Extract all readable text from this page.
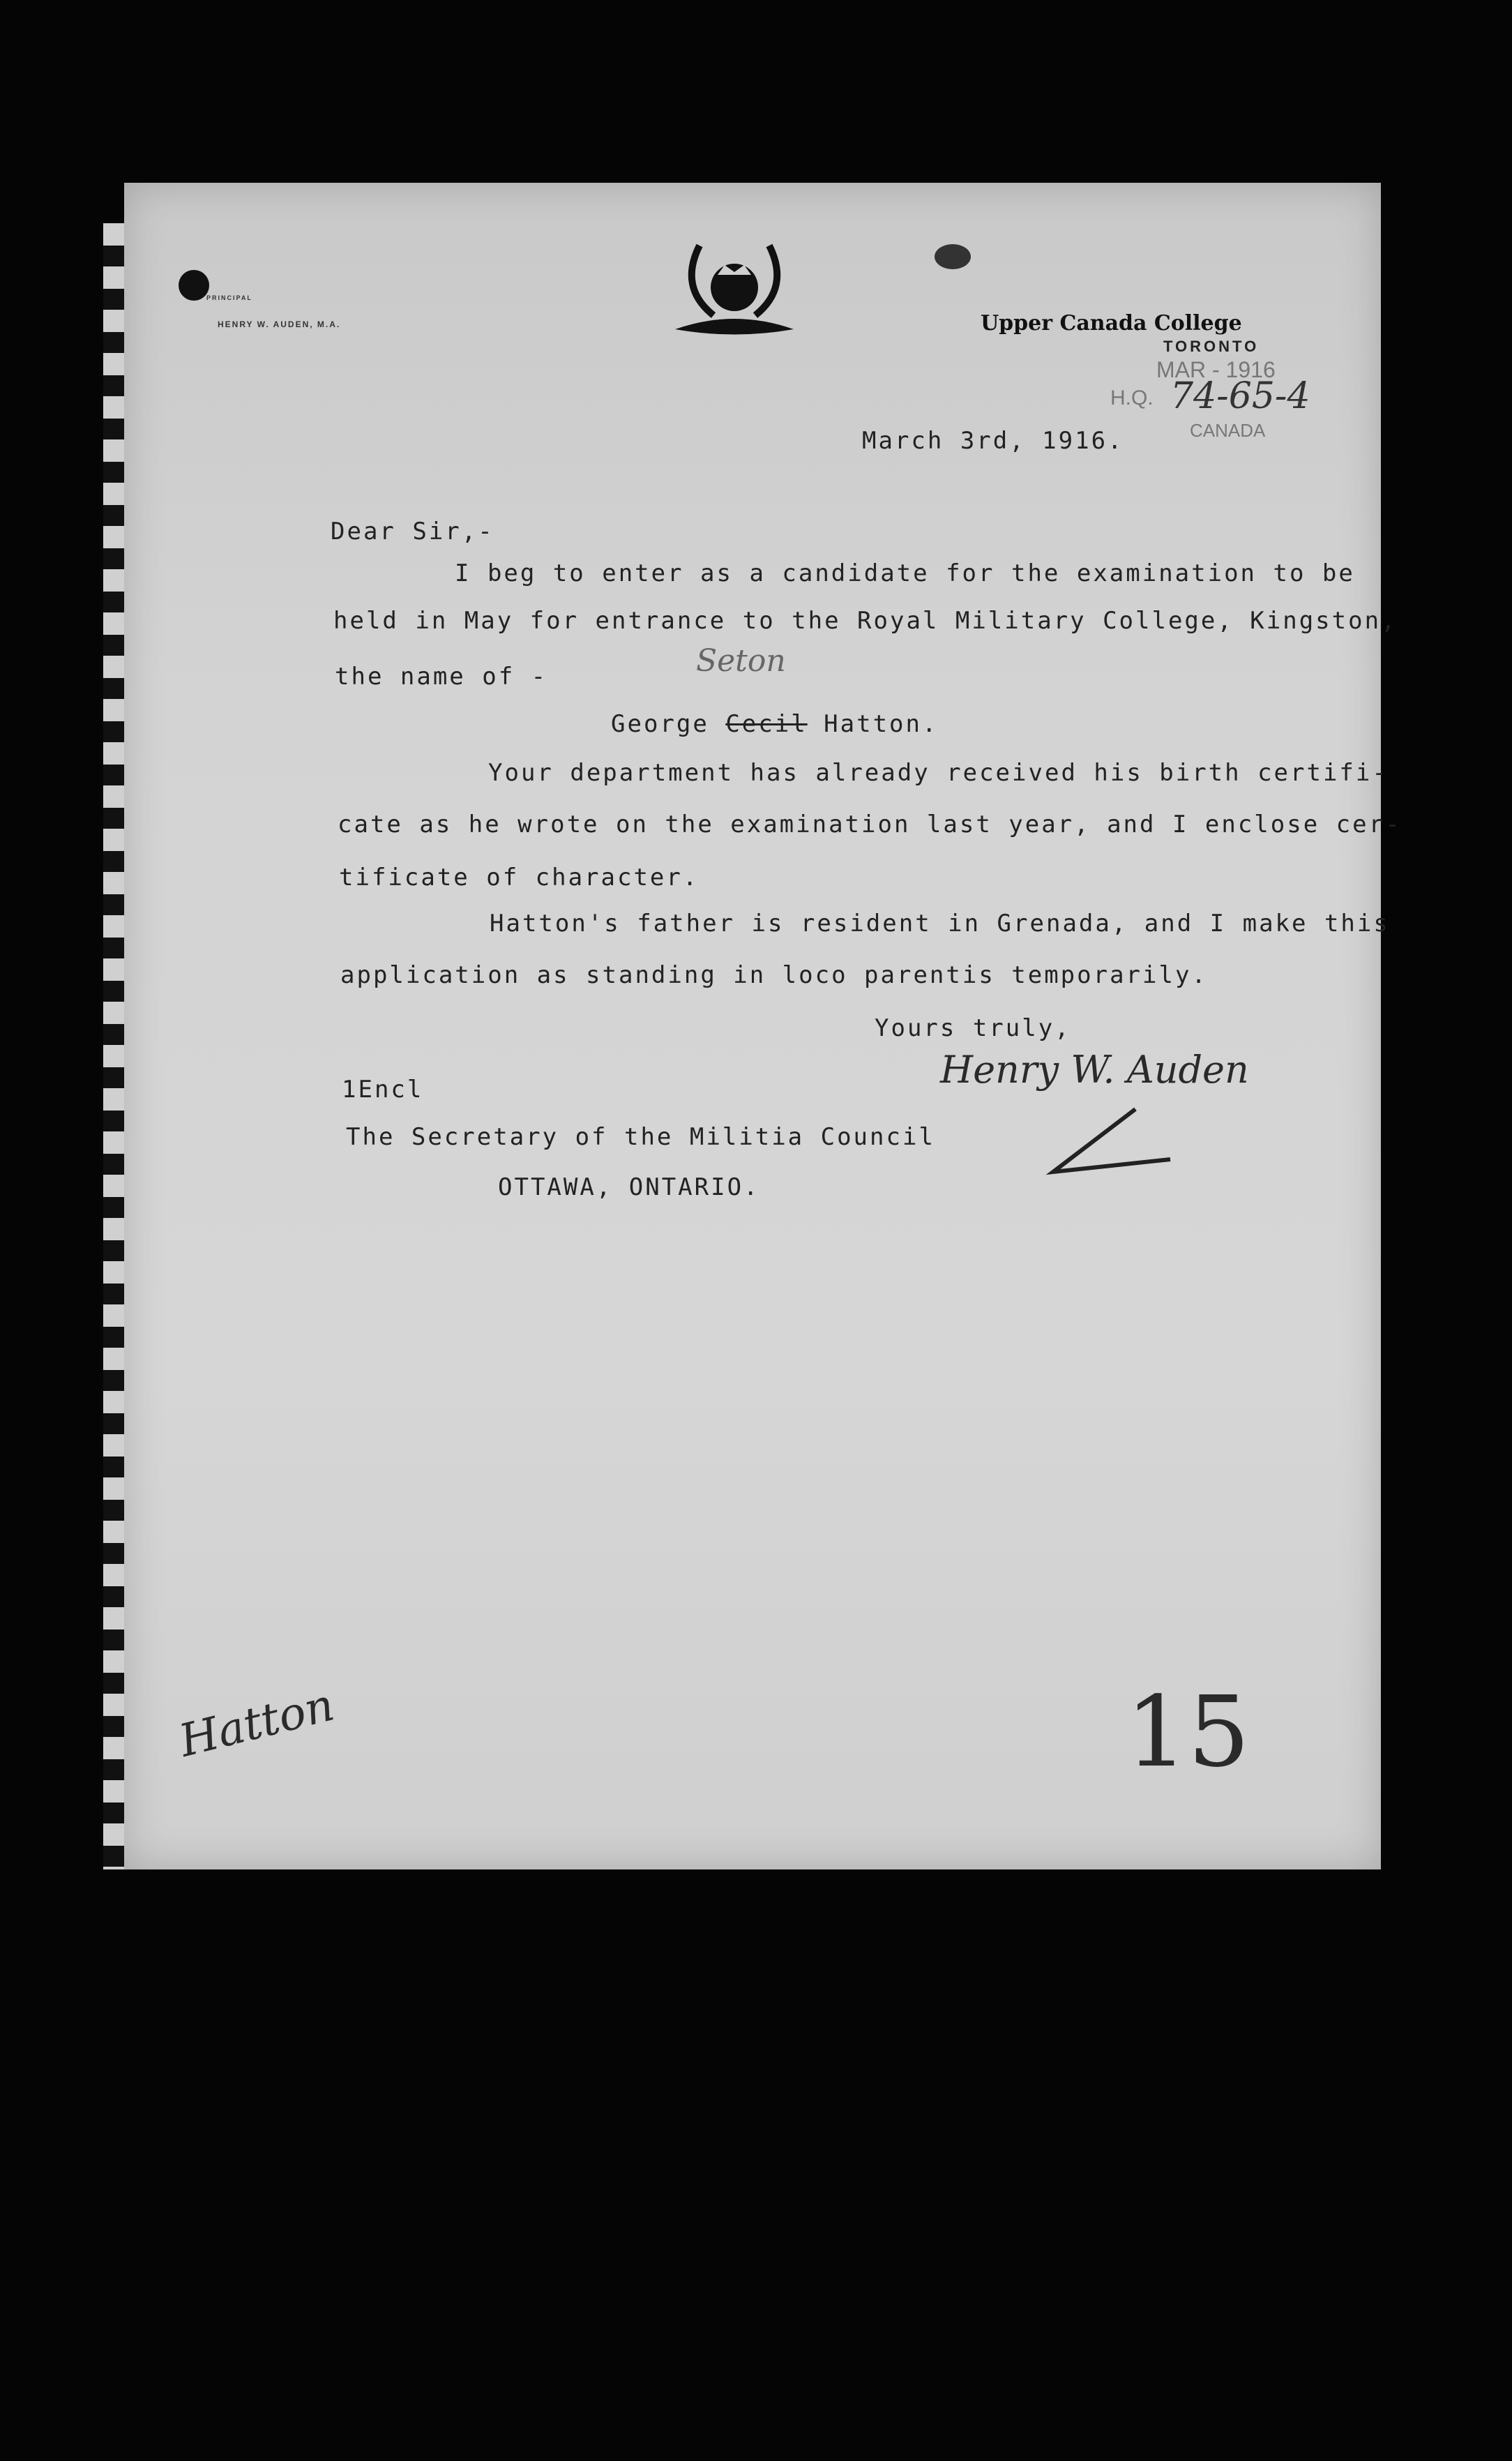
PRINCIPAL
HENRY W. AUDEN, M.A.	Upper Canada College
TORONTO
MAR - 1916
H.Q. 74-65-4
CANADA
March 3rd, 1916.
Dear Sir,-
I beg to enter as a candidate for the examination to be
held in May for entrance to the Royal Military College, Kingston,
the name of -	Seton
George Cecil Hatton.
Your department has already received his birth certifi-
cate as he wrote on the examination last year, and I enclose cer-
tificate of character.
Hatton's father is resident in Grenada, and I make this
application as standing in loco parentis temporarily.
Yours truly,
Henry W. Auden
1Encl
The Secretary of the Militia Council
OTTAWA, ONTARIO.
Hatton	15
